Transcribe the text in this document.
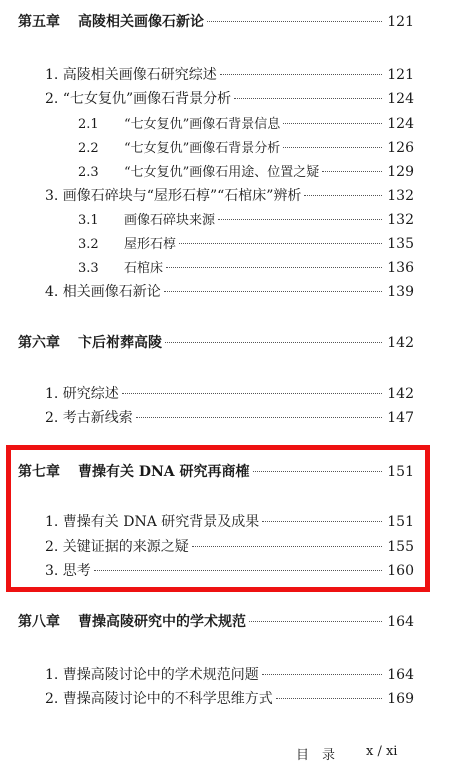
第五章 高陵相关画像石新论	121
1. 高陵相关画像石研究综述	121
2. “七女复仇”画像石背景分析	124
2.1	“七女复仇”画像石背景信息	124
2.2	“七女复仇”画像石背景分析	126
2.3	“七女复仇”画像石用途、位置之疑	129
3. 画像石碎块与“屋形石椁”“石棺床”辨析	132
3.1	画像石碎块来源	132
3.2	屋形石椁	135
3.3	石棺床	136
4. 相关画像石新论	139
第六章 卞后祔葬高陵	142
1. 研究综述	142
2. 考古新线索	147
第七章 曹操有关 DNA 研究再商榷	151
1. 曹操有关 DNA 研究背景及成果	151
2. 关键证据的来源之疑	155
3. 思考	160
第八章 曹操高陵研究中的学术规范	164
1. 曹操高陵讨论中的学术规范问题	164
2. 曹操高陵讨论中的不科学思维方式	169
目　录 x / xi
